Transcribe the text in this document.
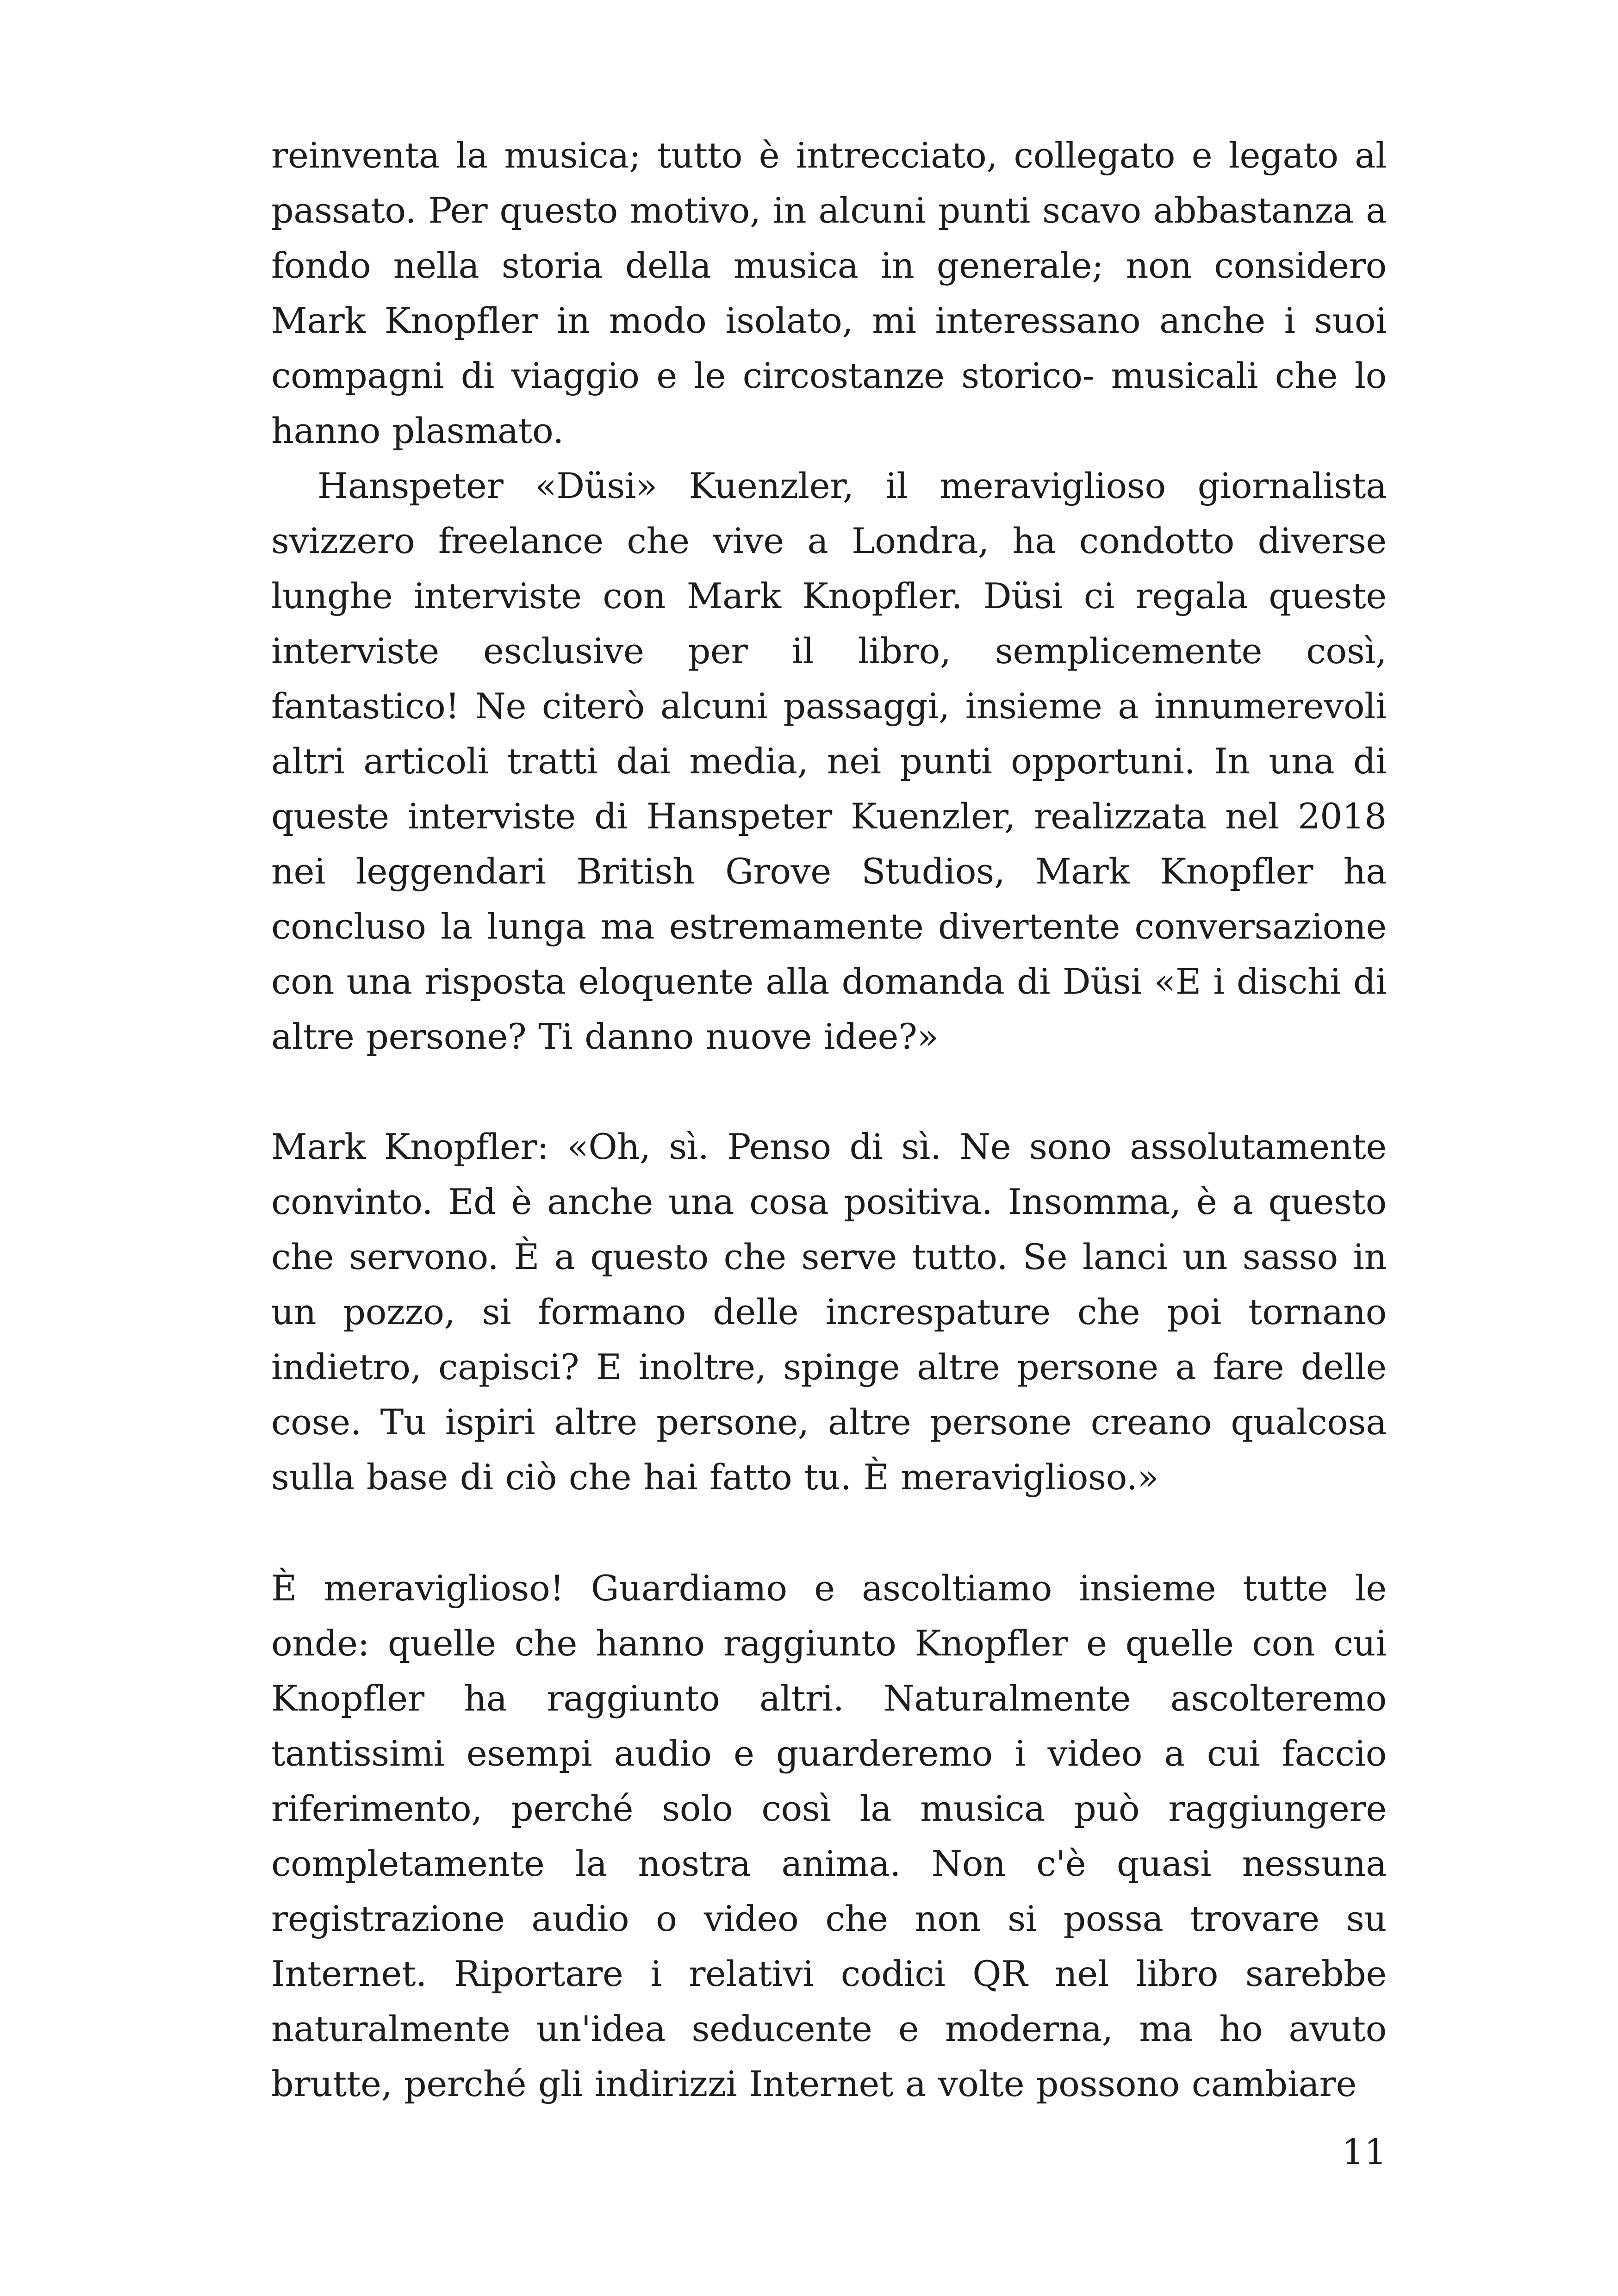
reinventa la musica; tutto è intrecciato, collegato e legato al passato. Per questo motivo, in alcuni punti scavo abbastanza a fondo nella storia della musica in generale; non considero Mark Knopfler in modo isolato, mi interessano anche i suoi compagni di viaggio e le circostanze storico- musicali che lo hanno plasmato.

Hanspeter «Düsi» Kuenzler, il meraviglioso giornalista svizzero freelance che vive a Londra, ha condotto diverse lunghe interviste con Mark Knopfler. Düsi ci regala queste interviste esclusive per il libro, semplicemente così, fantastico! Ne citerò alcuni passaggi, insieme a innumerevoli altri articoli tratti dai media, nei punti opportuni. In una di queste interviste di Hanspeter Kuenzler, realizzata nel 2018 nei leggendari British Grove Studios, Mark Knopfler ha concluso la lunga ma estremamente divertente conversazione con una risposta eloquente alla domanda di Düsi «E i dischi di altre persone? Ti danno nuove idee?»

Mark Knopfler: «Oh, sì. Penso di sì. Ne sono assolutamente convinto. Ed è anche una cosa positiva. Insomma, è a questo che servono. È a questo che serve tutto. Se lanci un sasso in un pozzo, si formano delle increspature che poi tornano indietro, capisci? E inoltre, spinge altre persone a fare delle cose. Tu ispiri altre persone, altre persone creano qualcosa sulla base di ciò che hai fatto tu. È meraviglioso.»

È meraviglioso! Guardiamo e ascoltiamo insieme tutte le onde: quelle che hanno raggiunto Knopfler e quelle con cui Knopfler ha raggiunto altri. Naturalmente ascolteremo tantissimi esempi audio e guarderemo i video a cui faccio riferimento, perché solo così la musica può raggiungere completamente la nostra anima. Non c'è quasi nessuna registrazione audio o video che non si possa trovare su Internet. Riportare i relativi codici QR nel libro sarebbe naturalmente un'idea seducente e moderna, ma ho avuto brutte, perché gli indirizzi Internet a volte possono cambiare

11
